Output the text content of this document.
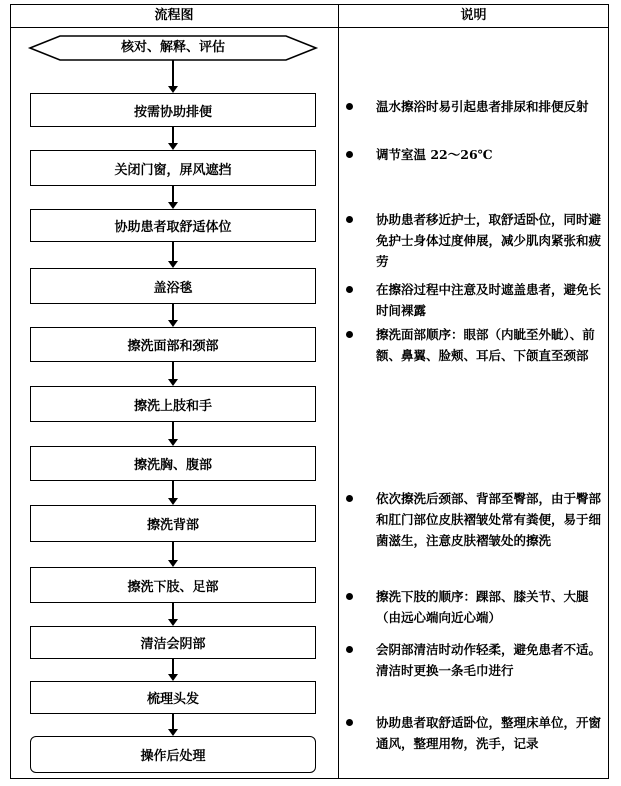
流程图	说明
核对、解释、评估
按需协助排便
关闭门窗，屏风遮挡
协助患者取舒适体位
盖浴毯
擦洗面部和颈部
擦洗上肢和手
擦洗胸、腹部
擦洗背部
擦洗下肢、足部
清洁会阴部
梳理头发
操作后处理
温水擦浴时易引起患者排尿和排便反射
调节室温 22～26℃
协助患者移近护士，取舒适卧位，同时避免护士身体过度伸展，减少肌肉紧张和疲劳
在擦浴过程中注意及时遮盖患者，避免长时间裸露
擦洗面部顺序：眼部（内眦至外眦）、前额、鼻翼、脸颊、耳后、下颌直至颈部
依次擦洗后颈部、背部至臀部，由于臀部和肛门部位皮肤褶皱处常有粪便，易于细菌滋生，注意皮肤褶皱处的擦洗
擦洗下肢的顺序：踝部、膝关节、大腿（由远心端向近心端）
会阴部清洁时动作轻柔，避免患者不适。清洁时更换一条毛巾进行
协助患者取舒适卧位，整理床单位，开窗通风，整理用物，洗手，记录
